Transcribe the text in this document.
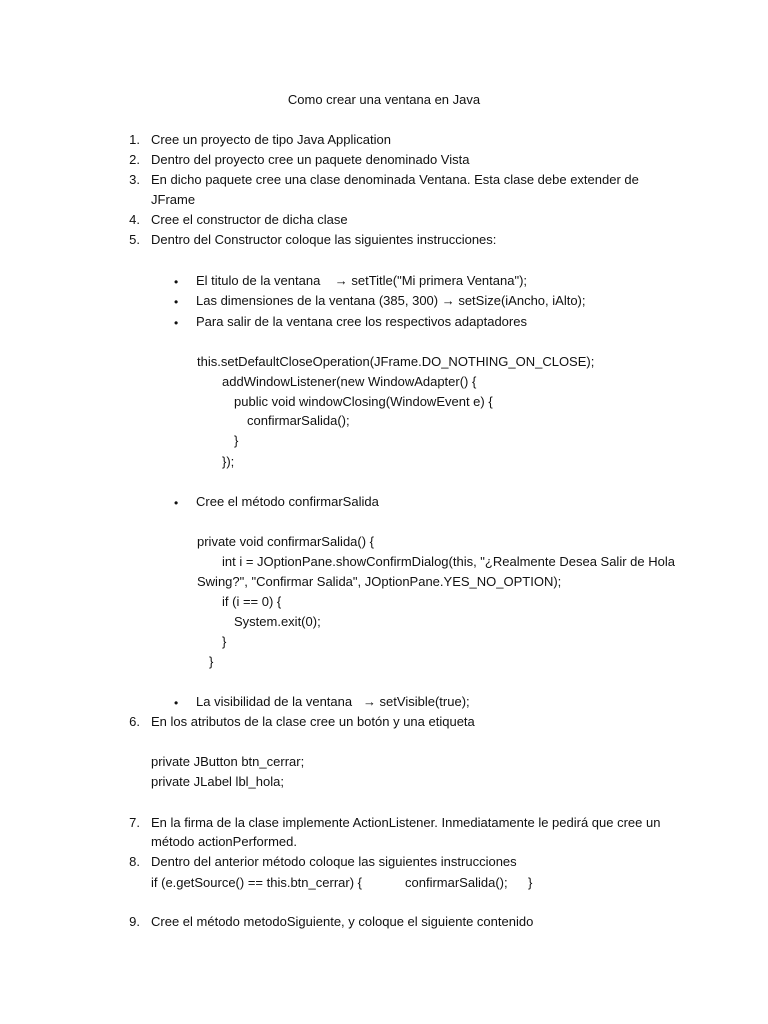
Como crear una ventana en Java
1. Cree un proyecto de tipo Java Application
2. Dentro del proyecto cree un paquete denominado Vista
3. En dicho paquete cree una clase denominada Ventana. Esta clase debe extender de
JFrame
4. Cree el constructor de dicha clase
5. Dentro del Constructor coloque las siguientes instrucciones:
• El titulo de la ventana    → setTitle("Mi primera Ventana");
• Las dimensiones de la ventana (385, 300) → setSize(iAncho, iAlto);
• Para salir de la ventana cree los respectivos adaptadores
this.setDefaultCloseOperation(JFrame.DO_NOTHING_ON_CLOSE);
addWindowListener(new WindowAdapter() {
public void windowClosing(WindowEvent e) {
confirmarSalida();
}
});
• Cree el método confirmarSalida
private void confirmarSalida() {
int i = JOptionPane.showConfirmDialog(this, "¿Realmente Desea Salir de Hola
Swing?", "Confirmar Salida", JOptionPane.YES_NO_OPTION);
if (i == 0) {
System.exit(0);
}
}
• La visibilidad de la ventana   → setVisible(true);
6. En los atributos de la clase cree un botón y una etiqueta
private JButton btn_cerrar;
private JLabel lbl_hola;
7. En la firma de la clase implemente ActionListener. Inmediatamente le pedirá que cree un
método actionPerformed.
8. Dentro del anterior método coloque las siguientes instrucciones
if (e.getSource() == this.btn_cerrar) {	confirmarSalida(); }
9. Cree el método metodoSiguiente, y coloque el siguiente contenido
